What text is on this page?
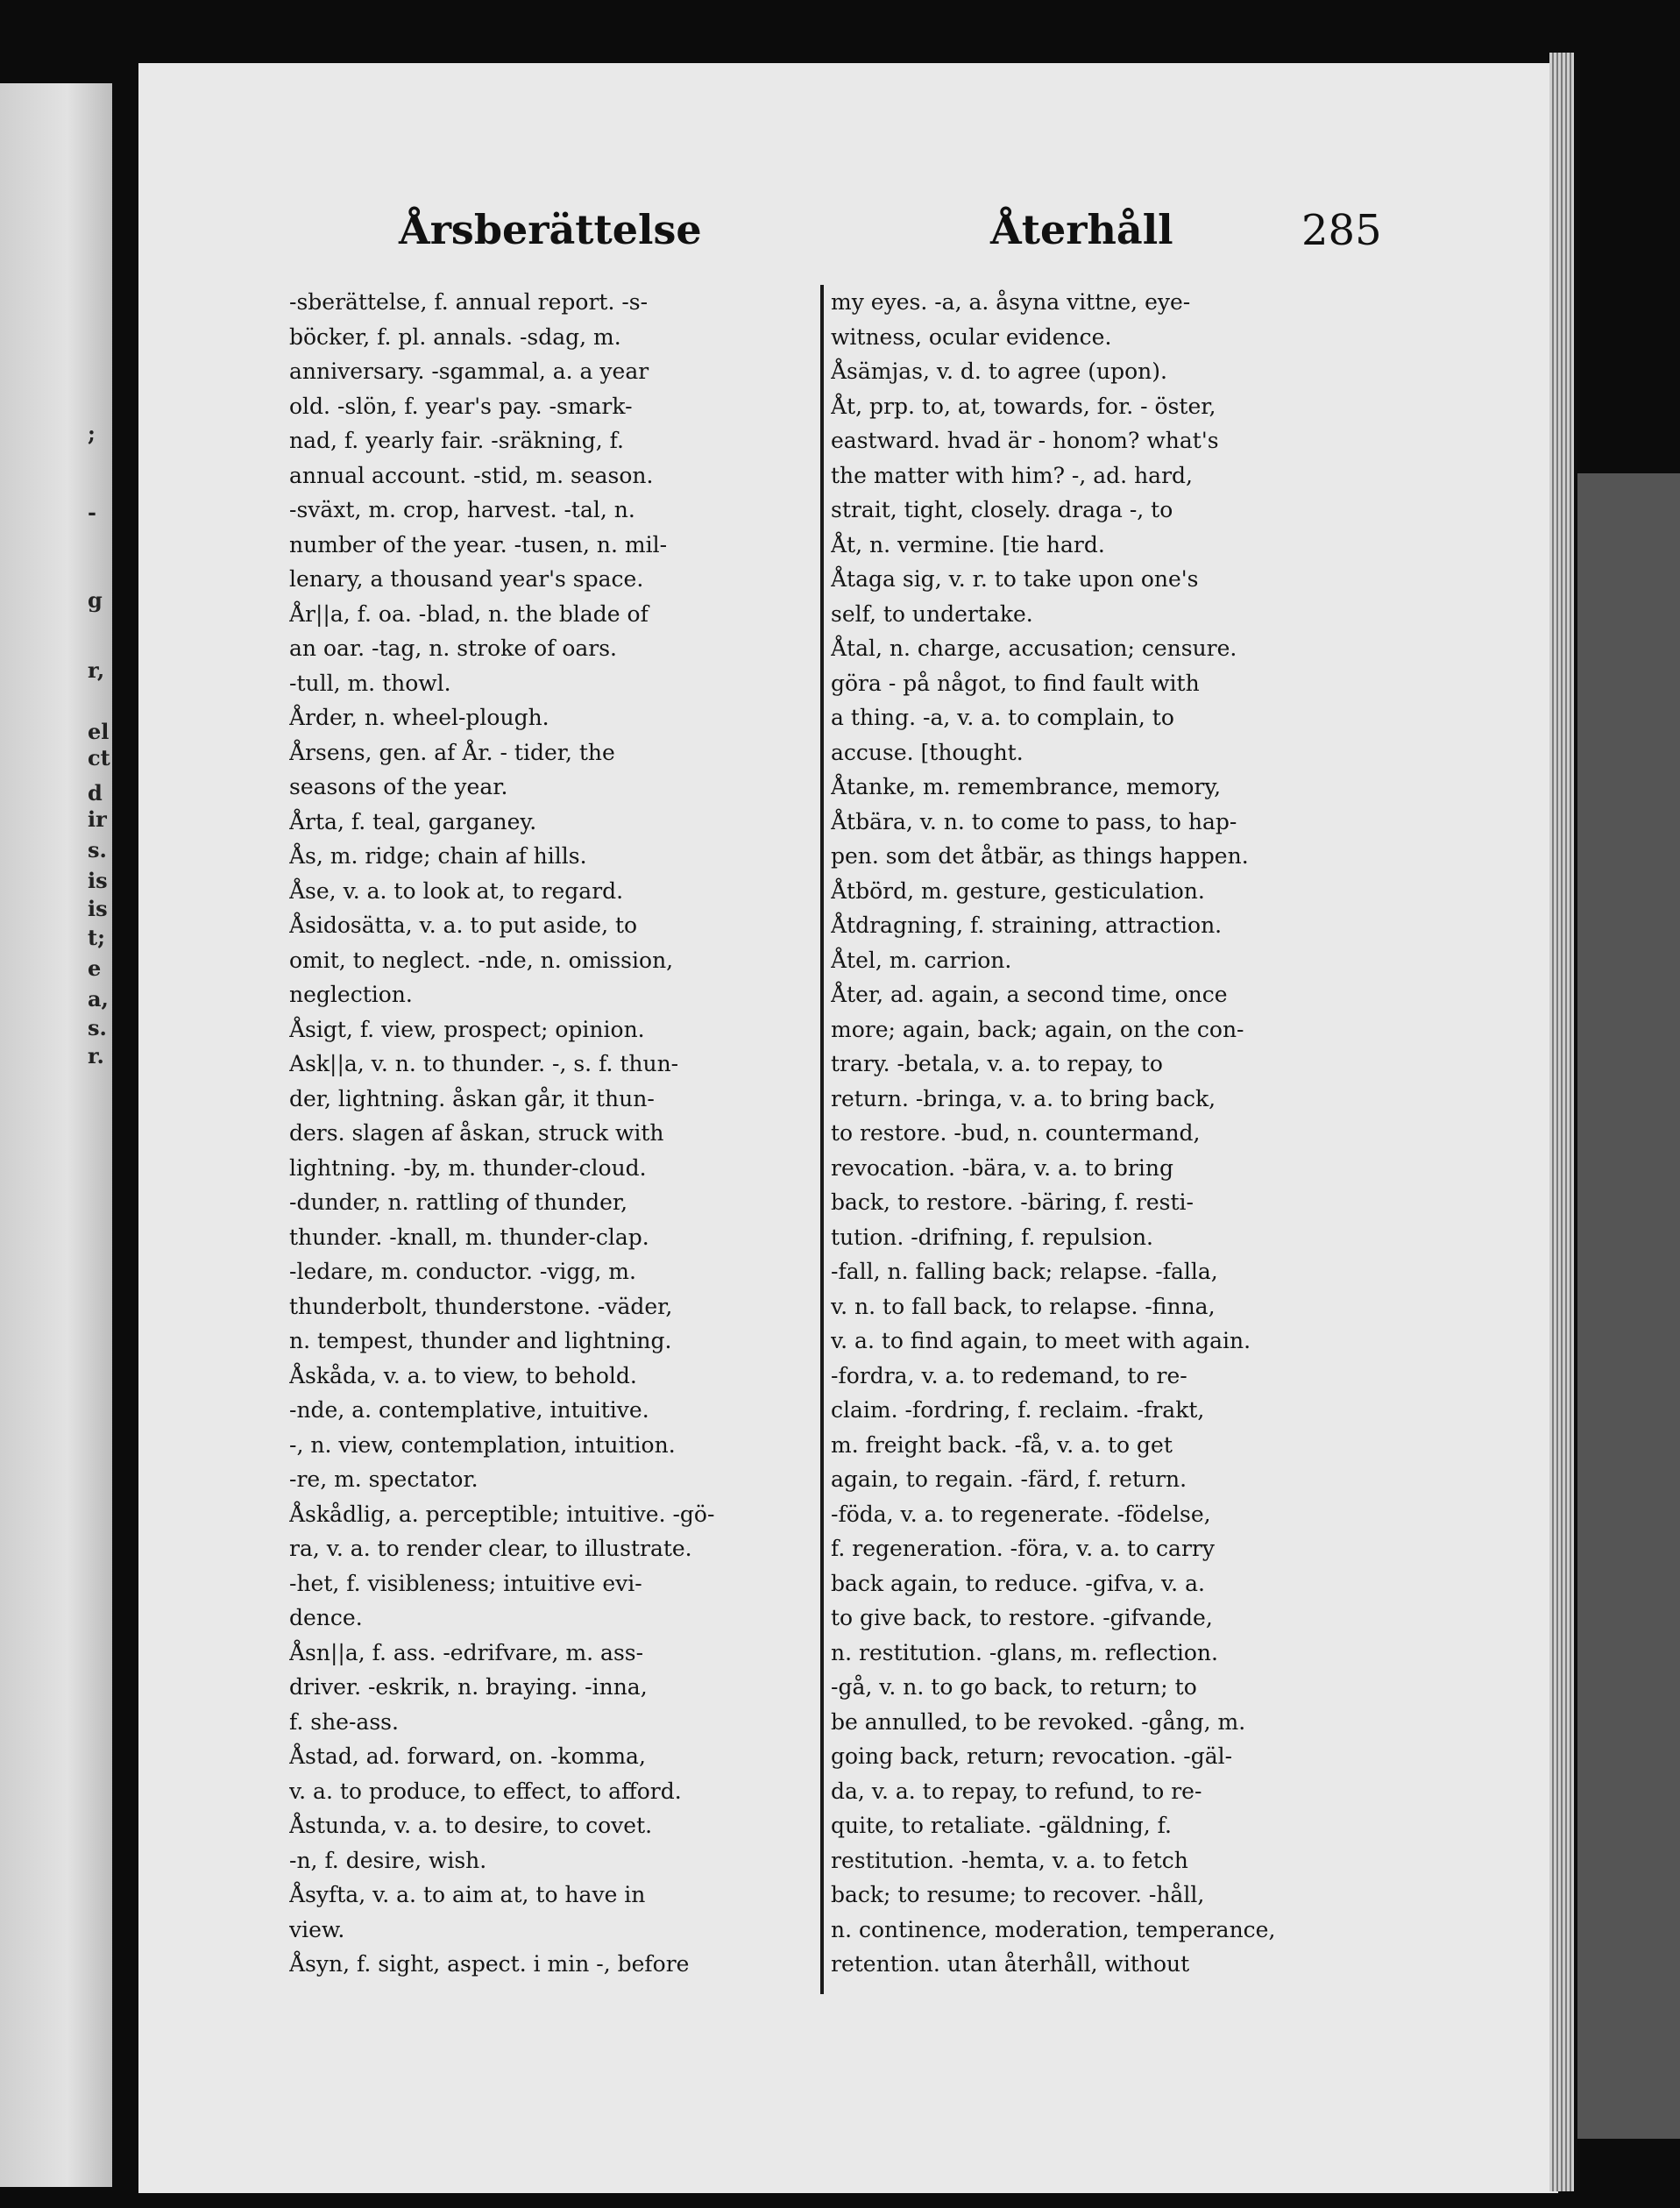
;
-
g
r,
el
ct
d
ir
s.
is
is
t;
e
a,
s.
r.
Årsberättelse	Återhåll	285
-sberättelse, f. annual report. -s-
böcker, f. pl. annals. -sdag, m.
anniversary. -sgammal, a. a year
old. -slön, f. year's pay. -smark-
nad, f. yearly fair. -sräkning, f.
annual account. -stid, m. season.
-sväxt, m. crop, harvest. -tal, n.
number of the year. -tusen, n. mil-
lenary, a thousand year's space.
År||a, f. oa. -blad, n. the blade of
an oar. -tag, n. stroke of oars.
-tull, m. thowl.
Årder, n. wheel-plough.
Årsens, gen. af År. - tider, the
seasons of the year.
Årta, f. teal, garganey.
Ås, m. ridge; chain af hills.
Åse, v. a. to look at, to regard.
Åsidosätta, v. a. to put aside, to
omit, to neglect. -nde, n. omission,
neglection.
Åsigt, f. view, prospect; opinion.
Ask||a, v. n. to thunder. -, s. f. thun-
der, lightning. åskan går, it thun-
ders. slagen af åskan, struck with
lightning. -by, m. thunder-cloud.
-dunder, n. rattling of thunder,
thunder. -knall, m. thunder-clap.
-ledare, m. conductor. -vigg, m.
thunderbolt, thunderstone. -väder,
n. tempest, thunder and lightning.
Åskåda, v. a. to view, to behold.
-nde, a. contemplative, intuitive.
-, n. view, contemplation, intuition.
-re, m. spectator.
Åskådlig, a. perceptible; intuitive. -gö-
ra, v. a. to render clear, to illustrate.
-het, f. visibleness; intuitive evi-
dence.
Åsn||a, f. ass. -edrifvare, m. ass-
driver. -eskrik, n. braying. -inna,
f. she-ass.
Åstad, ad. forward, on. -komma,
v. a. to produce, to effect, to afford.
Åstunda, v. a. to desire, to covet.
-n, f. desire, wish.
Åsyfta, v. a. to aim at, to have in
view.
Åsyn, f. sight, aspect. i min -, before
my eyes. -a, a. åsyna vittne, eye-
witness, ocular evidence.
Åsämjas, v. d. to agree (upon).
Åt, prp. to, at, towards, for. - öster,
eastward. hvad är - honom? what's
the matter with him? -, ad. hard,
strait, tight, closely. draga -, to
Åt, n. vermine. [tie hard.
Åtaga sig, v. r. to take upon one's
self, to undertake.
Åtal, n. charge, accusation; censure.
göra - på något, to find fault with
a thing. -a, v. a. to complain, to
accuse. [thought.
Åtanke, m. remembrance, memory,
Åtbära, v. n. to come to pass, to hap-
pen. som det åtbär, as things happen.
Åtbörd, m. gesture, gesticulation.
Åtdragning, f. straining, attraction.
Åtel, m. carrion.
Åter, ad. again, a second time, once
more; again, back; again, on the con-
trary. -betala, v. a. to repay, to
return. -bringa, v. a. to bring back,
to restore. -bud, n. countermand,
revocation. -bära, v. a. to bring
back, to restore. -bäring, f. resti-
tution. -drifning, f. repulsion.
-fall, n. falling back; relapse. -falla,
v. n. to fall back, to relapse. -finna,
v. a. to find again, to meet with again.
-fordra, v. a. to redemand, to re-
claim. -fordring, f. reclaim. -frakt,
m. freight back. -få, v. a. to get
again, to regain. -färd, f. return.
-föda, v. a. to regenerate. -födelse,
f. regeneration. -föra, v. a. to carry
back again, to reduce. -gifva, v. a.
to give back, to restore. -gifvande,
n. restitution. -glans, m. reflection.
-gå, v. n. to go back, to return; to
be annulled, to be revoked. -gång, m.
going back, return; revocation. -gäl-
da, v. a. to repay, to refund, to re-
quite, to retaliate. -gäldning, f.
restitution. -hemta, v. a. to fetch
back; to resume; to recover. -håll,
n. continence, moderation, temperance,
retention. utan återhåll, without
